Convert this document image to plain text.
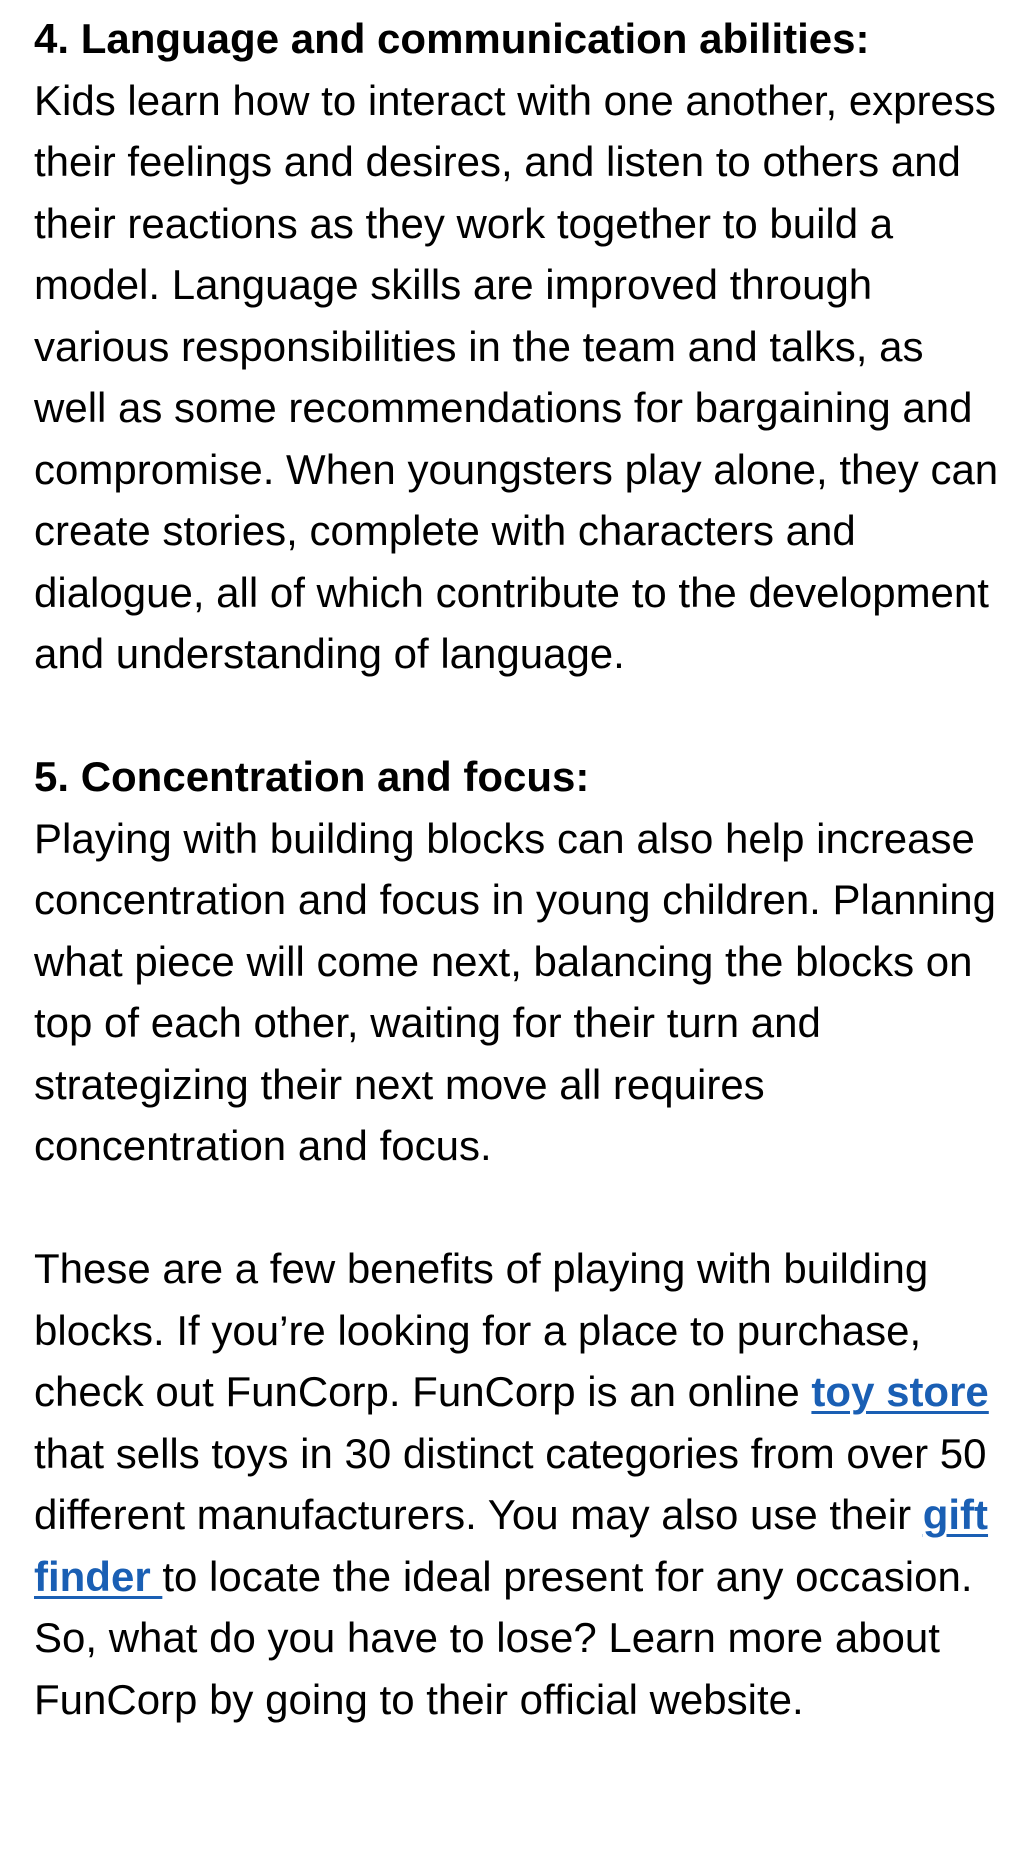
4. Language and communication abilities:

Kids learn how to interact with one another, express their feelings and desires, and listen to others and their reactions as they work together to build a model. Language skills are improved through various responsibilities in the team and talks, as well as some recommendations for bargaining and compromise. When youngsters play alone, they can create stories, complete with characters and dialogue, all of which contribute to the development and understanding of language.

5. Concentration and focus:

Playing with building blocks can also help increase concentration and focus in young children. Planning what piece will come next, balancing the blocks on top of each other, waiting for their turn and strategizing their next move all requires concentration and focus.

These are a few benefits of playing with building blocks. If you’re looking for a place to purchase, check out FunCorp. FunCorp is an online toy store that sells toys in 30 distinct categories from over 50 different manufacturers. You may also use their gift finder to locate the ideal present for any occasion. So, what do you have to lose? Learn more about FunCorp by going to their official website.
